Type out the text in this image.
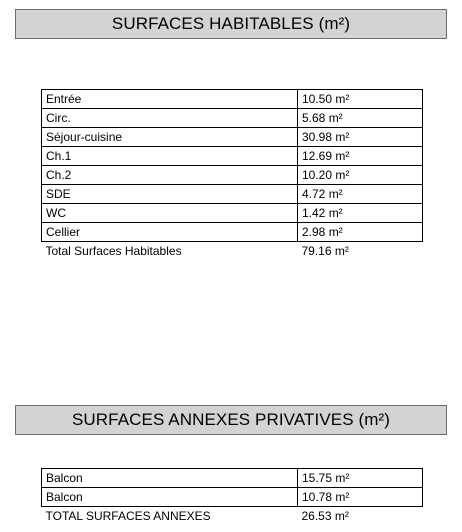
SURFACES HABITABLES (m²)
Entrée	10.50 m²
Circ.	5.68 m²
Séjour-cuisine	30.98 m²
Ch.1	12.69 m²
Ch.2	10.20 m²
SDE	4.72 m²
WC	1.42 m²
Cellier	2.98 m²
Total Surfaces Habitables	79.16 m²
SURFACES ANNEXES PRIVATIVES (m²)
Balcon	15.75 m²
Balcon	10.78 m²
TOTAL SURFACES ANNEXES	26.53 m²
